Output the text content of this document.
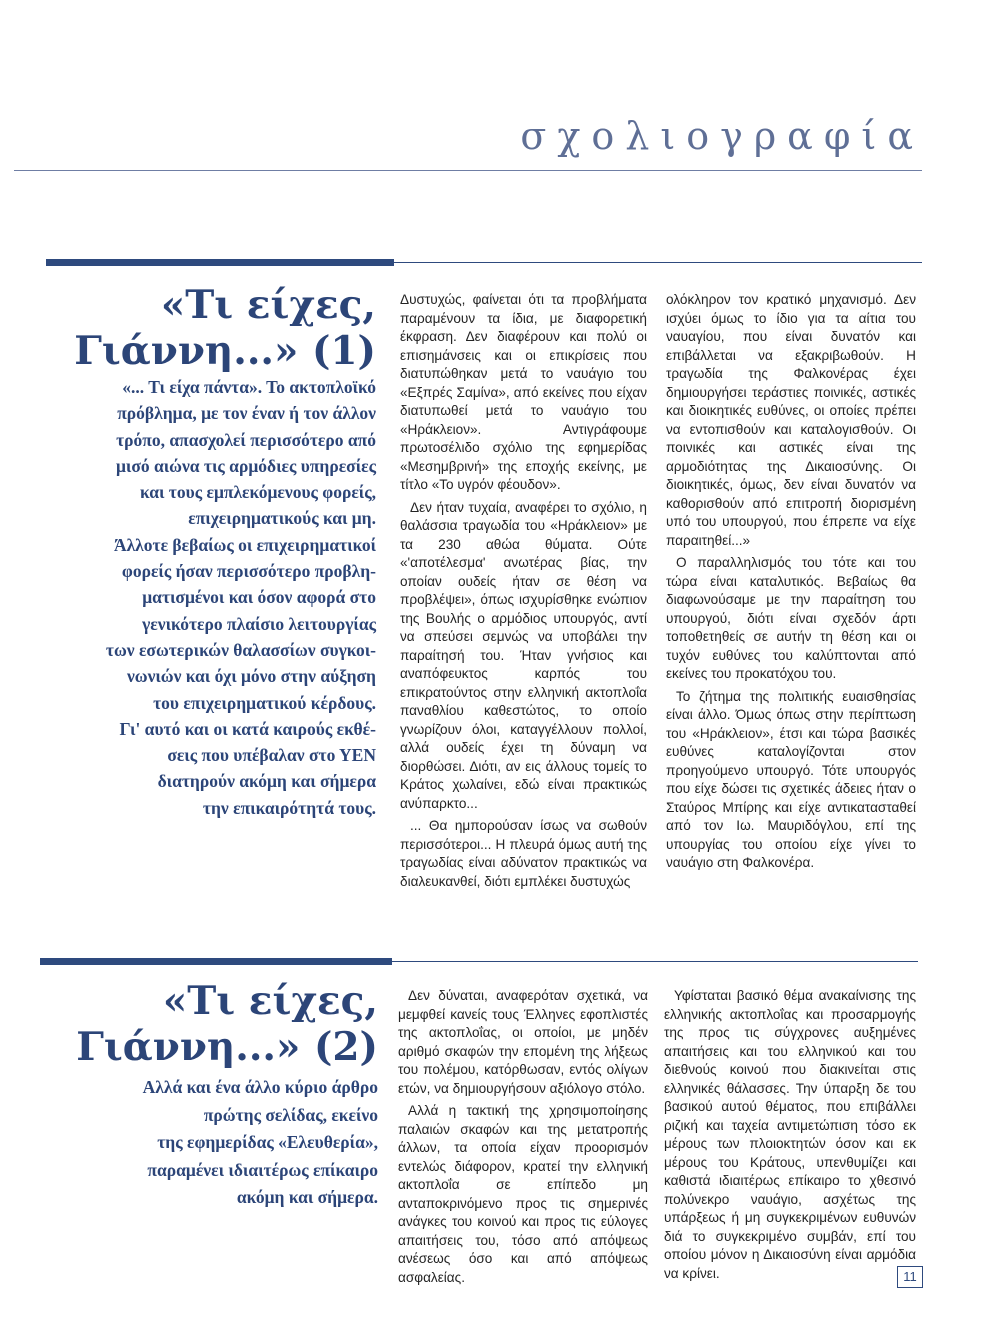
σχολιογραφία
«Τι είχες,
Γιάννη...» (1)
«... Τι είχα πάντα». Το ακτοπλοϊκό
πρόβλημα, με τον έναν ή τον άλλον
τρόπο, απασχολεί περισσότερο από
μισό αιώνα τις αρμόδιες υπηρεσίες
και τους εμπλεκόμενους φορείς,
επιχειρηματικούς και μη.
Άλλοτε βεβαίως οι επιχειρηματικοί
φορείς ήσαν περισσότερο προβλη-
ματισμένοι και όσον αφορά στο
γενικότερο πλαίσιο λειτουργίας
των εσωτερικών θαλασσίων συγκοι-
νωνιών και όχι μόνο στην αύξηση
του επιχειρηματικού κέρδους.
Γι' αυτό και οι κατά καιρούς εκθέ-
σεις που υπέβαλαν στο ΥΕΝ
διατηρούν ακόμη και σήμερα
την επικαιρότητά τους.

Δυστυχώς, φαίνεται ότι τα προβλήματα παραμένουν τα ίδια, με διαφορετική έκφραση. Δεν διαφέρουν και πολύ οι επισημάνσεις και οι επικρίσεις που διατυπώθηκαν μετά το ναυάγιο του «Εξπρές Σαμίνα», από εκείνες που είχαν διατυπωθεί μετά το ναυάγιο του «Ηράκλειον». Αντιγράφουμε πρωτοσέλιδο σχόλιο της εφημερίδας «Μεσημβρινή» της εποχής εκείνης, με τίτλο «Το υγρόν φέουδον».

Δεν ήταν τυχαία, αναφέρει το σχόλιο, η θαλάσσια τραγωδία του «Ηράκλειον» με τα 230 αθώα θύματα. Ούτε «'αποτέλεσμα' ανωτέρας βίας, την οποίαν ουδείς ήταν σε θέση να προβλέψει», όπως ισχυρίσθηκε ενώπιον της Βουλής ο αρμόδιος υπουργός, αντί να σπεύσει σεμνώς να υποβάλει την παραίτησή του. Ήταν γνήσιος και αναπόφευκτος καρπός του επικρατούντος στην ελληνική ακτοπλοΐα παναθλίου καθεστώτος, το οποίο γνωρίζουν όλοι, καταγγέλλουν πολλοί, αλλά ουδείς έχει τη δύναμη να διορθώσει. Διότι, αν εις άλλους τομείς το Κράτος χωλαίνει, εδώ είναι πρακτικώς ανύπαρκτο...

... Θα ημπορούσαν ίσως να σωθούν περισσότεροι... Η πλευρά όμως αυτή της τραγωδίας είναι αδύνατον πρακτικώς να διαλευκανθεί, διότι εμπλέκει δυστυχώς

ολόκληρον τον κρατικό μηχανισμό. Δεν ισχύει όμως το ίδιο για τα αίτια του ναυαγίου, που είναι δυνατόν και επιβάλλεται να εξακριβωθούν. Η τραγωδία της Φαλκονέρας έχει δημιουργήσει τεράστιες ποινικές, αστικές και διοικητικές ευθύνες, οι οποίες πρέπει να εντοπισθούν και καταλογισθούν. Οι ποινικές και αστικές είναι της αρμοδιότητας της Δικαιοσύνης. Οι διοικητικές, όμως, δεν είναι δυνατόν να καθορισθούν από επιτροπή διορισμένη υπό του υπουργού, που έπρεπε να είχε παραιτηθεί...»

Ο παραλληλισμός του τότε και του τώρα είναι καταλυτικός. Βεβαίως θα διαφωνούσαμε με την παραίτηση του υπουργού, διότι είναι σχεδόν άρτι τοποθετηθείς σε αυτήν τη θέση και οι τυχόν ευθύνες του καλύπτονται από εκείνες του προκατόχου του.

Το ζήτημα της πολιτικής ευαισθησίας είναι άλλο. Όμως όπως στην περίπτωση του «Ηράκλειον», έτσι και τώρα βασικές ευθύνες καταλογίζονται στον προηγούμενο υπουργό. Τότε υπουργός που είχε δώσει τις σχετικές άδειες ήταν ο Σταύρος Μπίρης και είχε αντικατασταθεί από τον Ιω. Μαυριδόγλου, επί της υπουργίας του οποίου είχε γίνει το ναυάγιο στη Φαλκονέρα.

«Τι είχες,
Γιάννη...» (2)
Αλλά και ένα άλλο κύριο άρθρο
πρώτης σελίδας, εκείνο
της εφημερίδας «Ελευθερία»,
παραμένει ιδιαιτέρως επίκαιρο
ακόμη και σήμερα.

Δεν δύναται, αναφερόταν σχετικά, να μεμφθεί κανείς τους Έλληνες εφοπλιστές της ακτοπλοΐας, οι οποίοι, με μηδέν αριθμό σκαφών την επομένη της λήξεως του πολέμου, κατόρθωσαν, εντός ολίγων ετών, να δημιουργήσουν αξιόλογο στόλο.

Αλλά η τακτική της χρησιμοποίησης παλαιών σκαφών και της μετατροπής άλλων, τα οποία είχαν προορισμόν εντελώς διάφορον, κρατεί την ελληνική ακτοπλοΐα σε επίπεδο μη ανταποκρινόμενο προς τις σημερινές ανάγκες του κοινού και προς τις εύλογες απαιτήσεις του, τόσο από απόψεως ανέσεως όσο και από απόψεως ασφαλείας.

Υφίσταται βασικό θέμα ανακαίνισης της ελληνικής ακτοπλοΐας και προσαρμογής της προς τις σύγχρονες αυξημένες απαιτήσεις και του ελληνικού και του διεθνούς κοινού που διακινείται στις ελληνικές θάλασσες. Την ύπαρξη δε του βασικού αυτού θέματος, που επιβάλλει ριζική και ταχεία αντιμετώπιση τόσο εκ μέρους των πλοιοκτητών όσον και εκ μέρους του Κράτους, υπενθυμίζει και καθιστά ιδιαιτέρως επίκαιρο το χθεσινό πολύνεκρο ναυάγιο, ασχέτως της υπάρξεως ή μη συγκεκριμένων ευθυνών διά το συγκεκριμένο συμβάν, επί του οποίου μόνον η Δικαιοσύνη είναι αρμόδια να κρίνει.	11
